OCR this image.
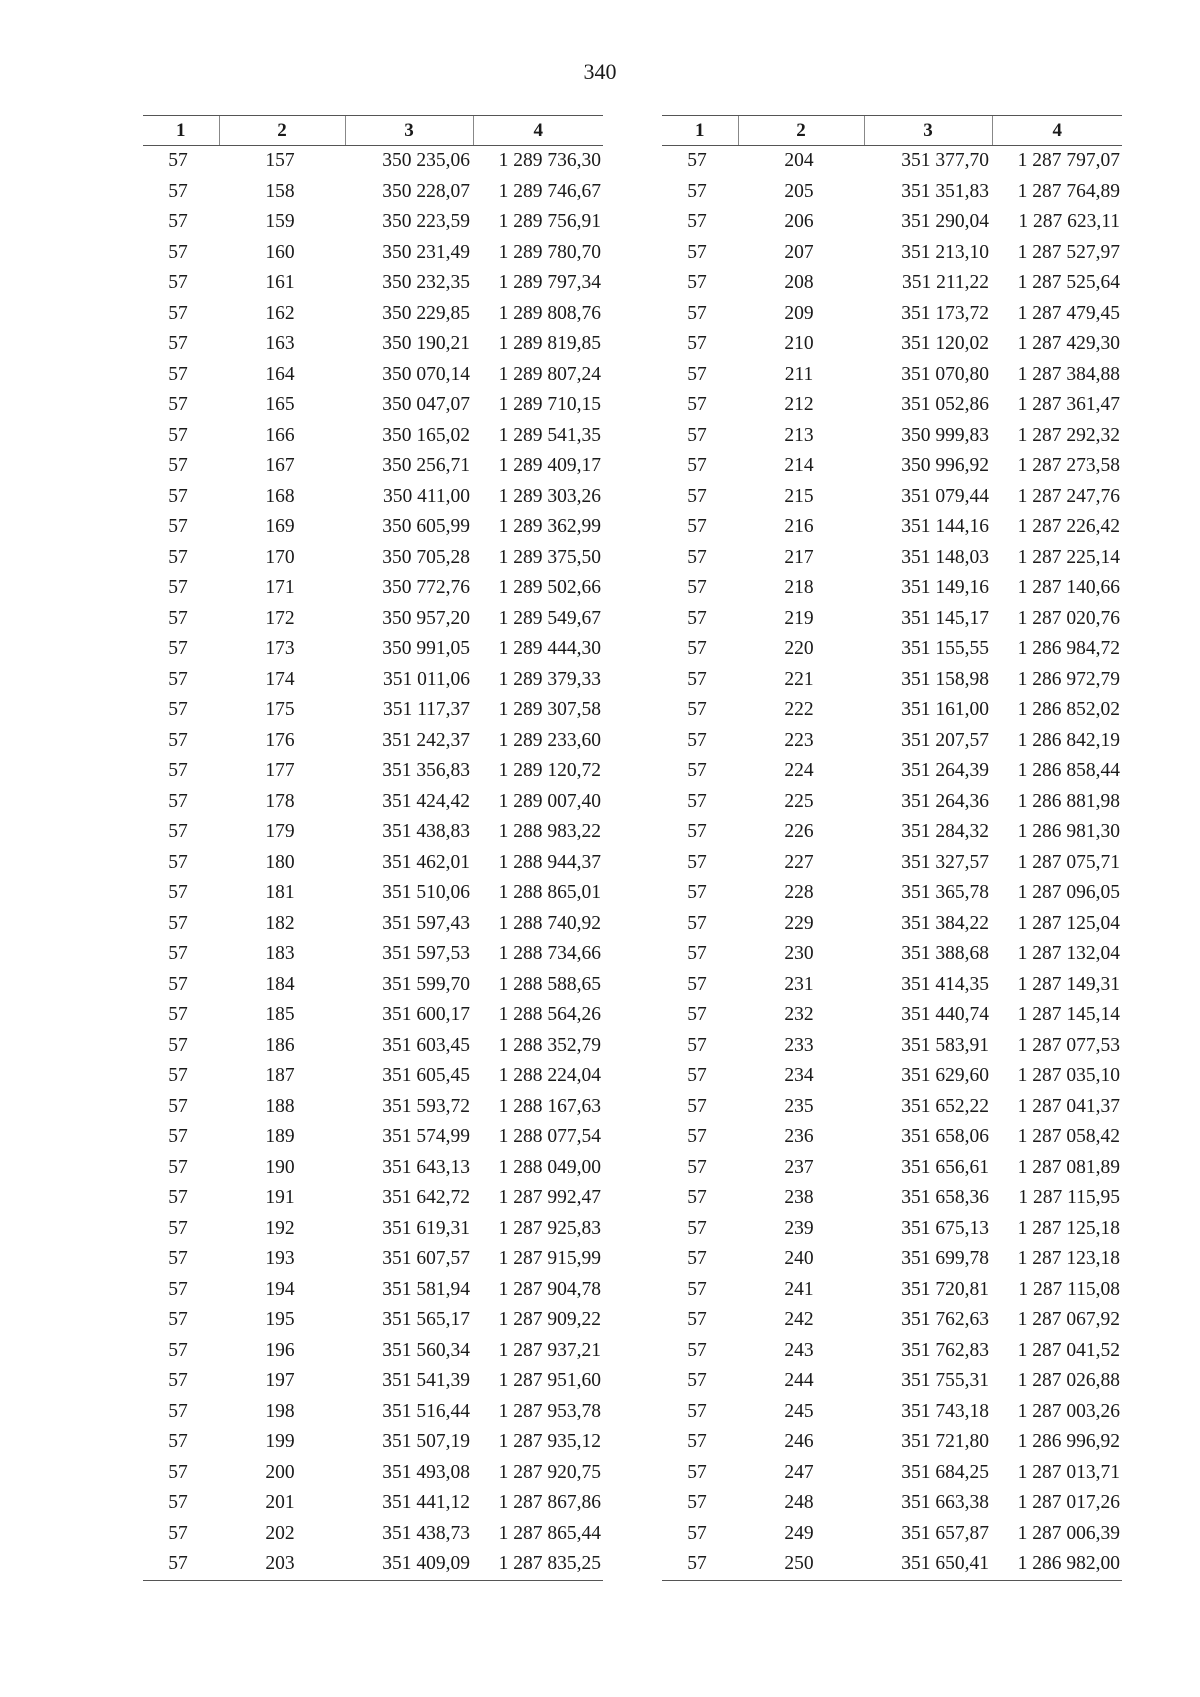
340
1	2	3	4
57	157	350 235,06	1 289 736,30
57	158	350 228,07	1 289 746,67
57	159	350 223,59	1 289 756,91
57	160	350 231,49	1 289 780,70
57	161	350 232,35	1 289 797,34
57	162	350 229,85	1 289 808,76
57	163	350 190,21	1 289 819,85
57	164	350 070,14	1 289 807,24
57	165	350 047,07	1 289 710,15
57	166	350 165,02	1 289 541,35
57	167	350 256,71	1 289 409,17
57	168	350 411,00	1 289 303,26
57	169	350 605,99	1 289 362,99
57	170	350 705,28	1 289 375,50
57	171	350 772,76	1 289 502,66
57	172	350 957,20	1 289 549,67
57	173	350 991,05	1 289 444,30
57	174	351 011,06	1 289 379,33
57	175	351 117,37	1 289 307,58
57	176	351 242,37	1 289 233,60
57	177	351 356,83	1 289 120,72
57	178	351 424,42	1 289 007,40
57	179	351 438,83	1 288 983,22
57	180	351 462,01	1 288 944,37
57	181	351 510,06	1 288 865,01
57	182	351 597,43	1 288 740,92
57	183	351 597,53	1 288 734,66
57	184	351 599,70	1 288 588,65
57	185	351 600,17	1 288 564,26
57	186	351 603,45	1 288 352,79
57	187	351 605,45	1 288 224,04
57	188	351 593,72	1 288 167,63
57	189	351 574,99	1 288 077,54
57	190	351 643,13	1 288 049,00
57	191	351 642,72	1 287 992,47
57	192	351 619,31	1 287 925,83
57	193	351 607,57	1 287 915,99
57	194	351 581,94	1 287 904,78
57	195	351 565,17	1 287 909,22
57	196	351 560,34	1 287 937,21
57	197	351 541,39	1 287 951,60
57	198	351 516,44	1 287 953,78
57	199	351 507,19	1 287 935,12
57	200	351 493,08	1 287 920,75
57	201	351 441,12	1 287 867,86
57	202	351 438,73	1 287 865,44
57	203	351 409,09	1 287 835,25
1	2	3	4
57	204	351 377,70	1 287 797,07
57	205	351 351,83	1 287 764,89
57	206	351 290,04	1 287 623,11
57	207	351 213,10	1 287 527,97
57	208	351 211,22	1 287 525,64
57	209	351 173,72	1 287 479,45
57	210	351 120,02	1 287 429,30
57	211	351 070,80	1 287 384,88
57	212	351 052,86	1 287 361,47
57	213	350 999,83	1 287 292,32
57	214	350 996,92	1 287 273,58
57	215	351 079,44	1 287 247,76
57	216	351 144,16	1 287 226,42
57	217	351 148,03	1 287 225,14
57	218	351 149,16	1 287 140,66
57	219	351 145,17	1 287 020,76
57	220	351 155,55	1 286 984,72
57	221	351 158,98	1 286 972,79
57	222	351 161,00	1 286 852,02
57	223	351 207,57	1 286 842,19
57	224	351 264,39	1 286 858,44
57	225	351 264,36	1 286 881,98
57	226	351 284,32	1 286 981,30
57	227	351 327,57	1 287 075,71
57	228	351 365,78	1 287 096,05
57	229	351 384,22	1 287 125,04
57	230	351 388,68	1 287 132,04
57	231	351 414,35	1 287 149,31
57	232	351 440,74	1 287 145,14
57	233	351 583,91	1 287 077,53
57	234	351 629,60	1 287 035,10
57	235	351 652,22	1 287 041,37
57	236	351 658,06	1 287 058,42
57	237	351 656,61	1 287 081,89
57	238	351 658,36	1 287 115,95
57	239	351 675,13	1 287 125,18
57	240	351 699,78	1 287 123,18
57	241	351 720,81	1 287 115,08
57	242	351 762,63	1 287 067,92
57	243	351 762,83	1 287 041,52
57	244	351 755,31	1 287 026,88
57	245	351 743,18	1 287 003,26
57	246	351 721,80	1 286 996,92
57	247	351 684,25	1 287 013,71
57	248	351 663,38	1 287 017,26
57	249	351 657,87	1 287 006,39
57	250	351 650,41	1 286 982,00
